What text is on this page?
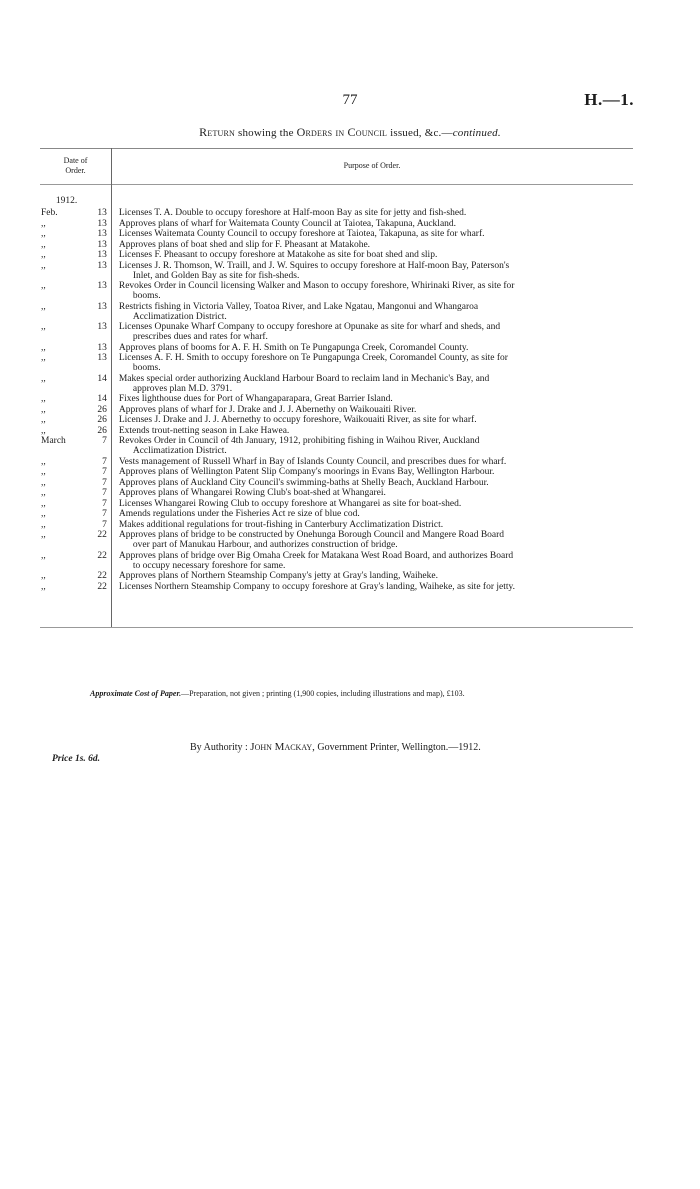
77	H.—1.
Return showing the Orders in Council issued, &c.—continued.
Date of
Order.
Purpose of Order.
1912.
Feb.	13 Licenses T. A. Double to occupy foreshore at Half-moon Bay as site for jetty and fish-shed.
,,	13 Approves plans of wharf for Waitemata County Council at Taiotea, Takapuna, Auckland.
,,	13 Licenses Waitemata County Council to occupy foreshore at Taiotea, Takapuna, as site for wharf.
,,	13 Approves plans of boat shed and slip for F. Pheasant at Matakohe.
,,	13 Licenses F. Pheasant to occupy foreshore at Matakohe as site for boat shed and slip.
,,	13 Licenses J. R. Thomson, W. Traill, and J. W. Squires to occupy foreshore at Half-moon Bay, Paterson's
Inlet, and Golden Bay as site for fish-sheds.
,,	13 Revokes Order in Council licensing Walker and Mason to occupy foreshore, Whirinaki River, as site for
booms.
,,	13 Restricts fishing in Victoria Valley, Toatoa River, and Lake Ngatau, Mangonui and Whangaroa
Acclimatization District.
,,	13 Licenses Opunake Wharf Company to occupy foreshore at Opunake as site for wharf and sheds, and
prescribes dues and rates for wharf.
,,	13 Approves plans of booms for A. F. H. Smith on Te Pungapunga Creek, Coromandel County.
,,	13 Licenses A. F. H. Smith to occupy foreshore on Te Pungapunga Creek, Coromandel County, as site for
booms.
,,	14 Makes special order authorizing Auckland Harbour Board to reclaim land in Mechanic's Bay, and
approves plan M.D. 3791.
,,	14 Fixes lighthouse dues for Port of Whangaparapara, Great Barrier Island.
,,	26 Approves plans of wharf for J. Drake and J. J. Abernethy on Waikouaiti River.
,,	26 Licenses J. Drake and J. J. Abernethy to occupy foreshore, Waikouaiti River, as site for wharf.
,,	26 Extends trout-netting season in Lake Hawea.
March	7 Revokes Order in Council of 4th January, 1912, prohibiting fishing in Waihou River, Auckland
Acclimatization District.
,,	7 Vests management of Russell Wharf in Bay of Islands County Council, and prescribes dues for wharf.
,,	7 Approves plans of Wellington Patent Slip Company's moorings in Evans Bay, Wellington Harbour.
,,	7 Approves plans of Auckland City Council's swimming-baths at Shelly Beach, Auckland Harbour.
,,	7 Approves plans of Whangarei Rowing Club's boat-shed at Whangarei.
,,	7 Licenses Whangarei Rowing Club to occupy foreshore at Whangarei as site for boat-shed.
,,	7 Amends regulations under the Fisheries Act re size of blue cod.
,,	7 Makes additional regulations for trout-fishing in Canterbury Acclimatization District.
,,	22 Approves plans of bridge to be constructed by Onehunga Borough Council and Mangere Road Board
over part of Manukau Harbour, and authorizes construction of bridge.
,,	22 Approves plans of bridge over Big Omaha Creek for Matakana West Road Board, and authorizes Board
to occupy necessary foreshore for same.
,,	22 Approves plans of Northern Steamship Company's jetty at Gray's landing, Waiheke.
,,	22 Licenses Northern Steamship Company to occupy foreshore at Gray's landing, Waiheke, as site for jetty.
Approximate Cost of Paper.—Preparation, not given ; printing (1,900 copies, including illustrations and map), £103.
By Authority : John Mackay, Government Printer, Wellington.—1912.
Price 1s. 6d.
